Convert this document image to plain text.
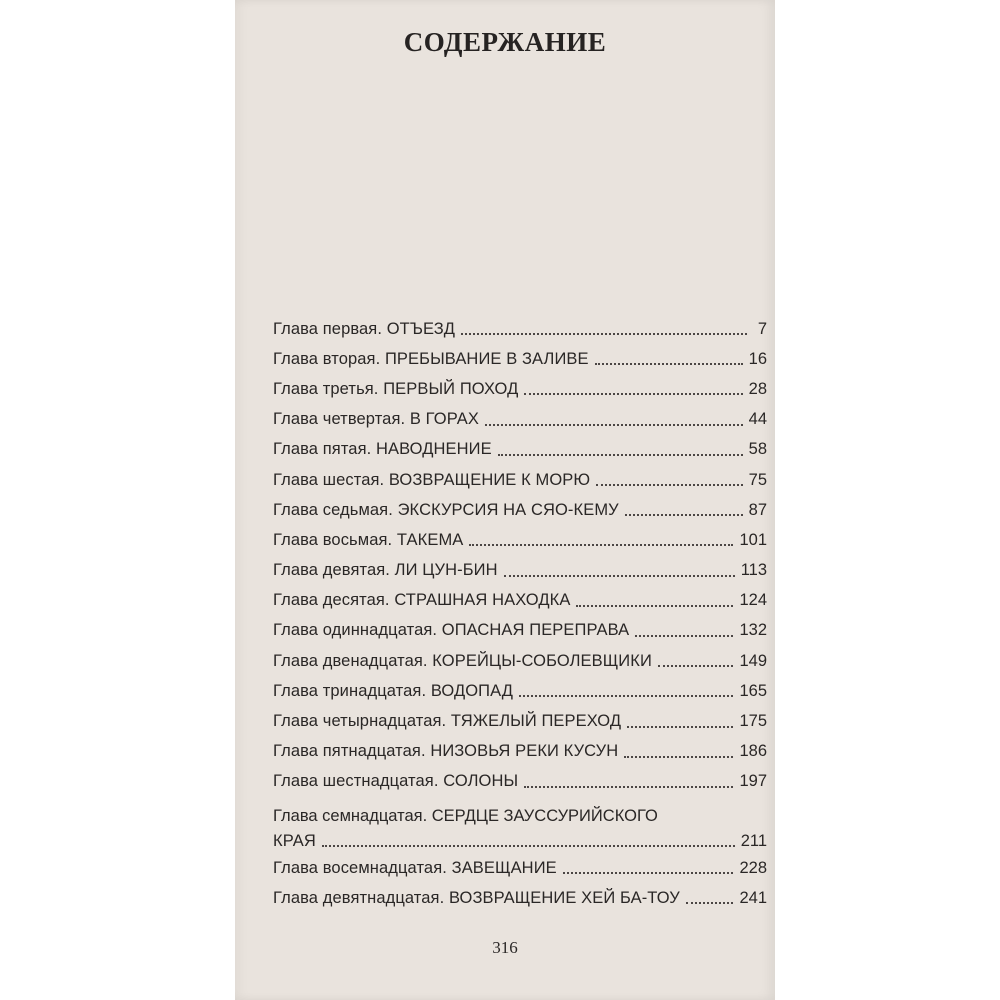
СОДЕРЖАНИЕ
Глава первая. ОТЪЕЗД	7
Глава вторая. ПРЕБЫВАНИЕ В ЗАЛИВЕ	16
Глава третья. ПЕРВЫЙ ПОХОД	28
Глава четвертая. В ГОРАХ	44
Глава пятая. НАВОДНЕНИЕ	58
Глава шестая. ВОЗВРАЩЕНИЕ К МОРЮ	75
Глава седьмая. ЭКСКУРСИЯ НА СЯО-КЕМУ	87
Глава восьмая. ТАКЕМА	101
Глава девятая. ЛИ ЦУН-БИН	113
Глава десятая. СТРАШНАЯ НАХОДКА	124
Глава одиннадцатая. ОПАСНАЯ ПЕРЕПРАВА	132
Глава двенадцатая. КОРЕЙЦЫ-СОБОЛЕВЩИКИ	149
Глава тринадцатая. ВОДОПАД	165
Глава четырнадцатая. ТЯЖЕЛЫЙ ПЕРЕХОД	175
Глава пятнадцатая. НИЗОВЬЯ РЕКИ КУСУН	186
Глава шестнадцатая. СОЛОНЫ	197
Глава семнадцатая. СЕРДЦЕ ЗАУССУРИЙСКОГО
КРАЯ	211
Глава восемнадцатая. ЗАВЕЩАНИЕ	228
Глава девятнадцатая. ВОЗВРАЩЕНИЕ ХЕЙ БА-ТОУ	241
316
